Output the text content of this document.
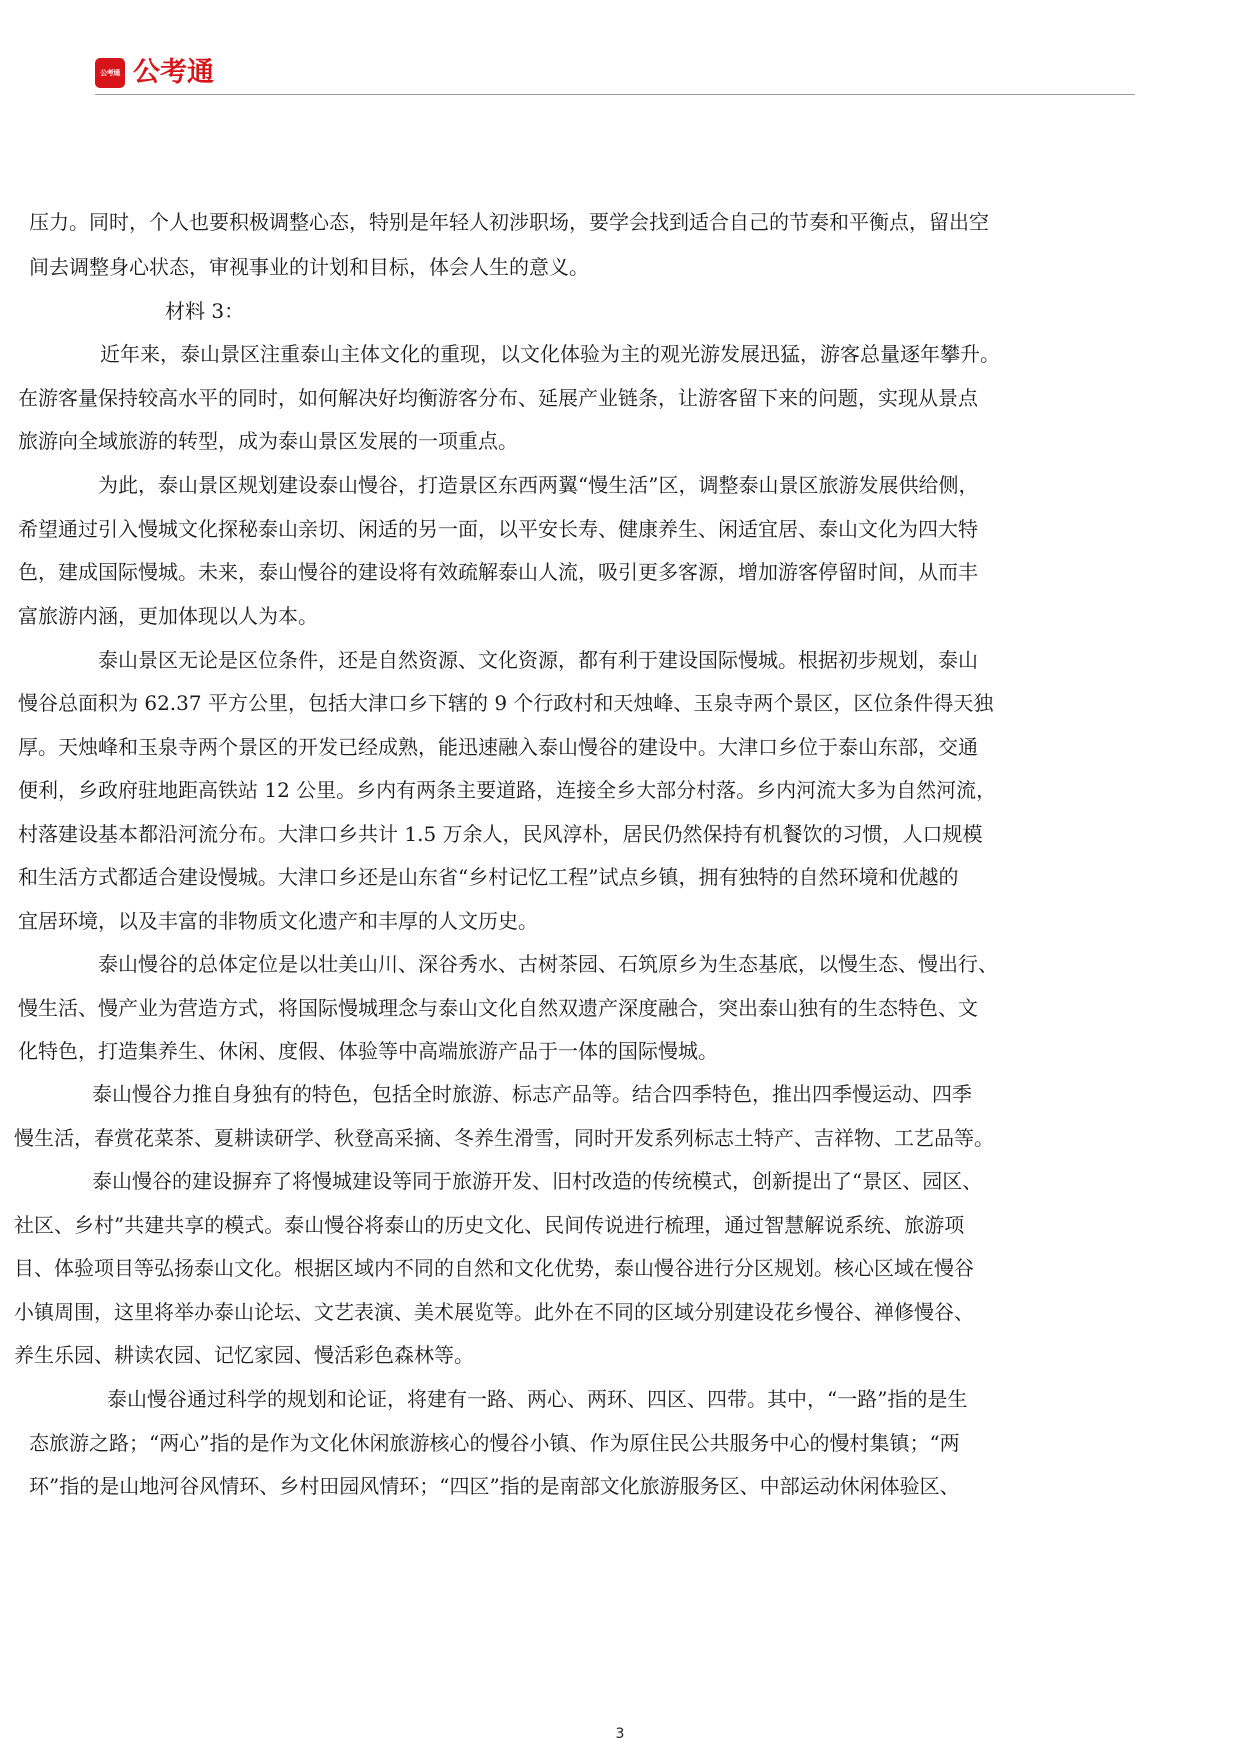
公考通 公考通
压力。同时，个人也要积极调整心态，特别是年轻人初涉职场，要学会找到适合自己的节奏和平衡点，留出空
间去调整身心状态，审视事业的计划和目标，体会人生的意义。
材料 3：
近年来，泰山景区注重泰山主体文化的重现，以文化体验为主的观光游发展迅猛，游客总量逐年攀升。
在游客量保持较高水平的同时，如何解决好均衡游客分布、延展产业链条，让游客留下来的问题，实现从景点
旅游向全域旅游的转型，成为泰山景区发展的一项重点。
为此，泰山景区规划建设泰山慢谷，打造景区东西两翼“慢生活”区，调整泰山景区旅游发展供给侧，
希望通过引入慢城文化探秘泰山亲切、闲适的另一面，以平安长寿、健康养生、闲适宜居、泰山文化为四大特
色，建成国际慢城。未来，泰山慢谷的建设将有效疏解泰山人流，吸引更多客源，增加游客停留时间，从而丰
富旅游内涵，更加体现以人为本。
泰山景区无论是区位条件，还是自然资源、文化资源，都有利于建设国际慢城。根据初步规划，泰山
慢谷总面积为 62.37 平方公里，包括大津口乡下辖的 9 个行政村和天烛峰、玉泉寺两个景区，区位条件得天独
厚。天烛峰和玉泉寺两个景区的开发已经成熟，能迅速融入泰山慢谷的建设中。大津口乡位于泰山东部，交通
便利，乡政府驻地距高铁站 12 公里。乡内有两条主要道路，连接全乡大部分村落。乡内河流大多为自然河流，
村落建设基本都沿河流分布。大津口乡共计 1.5 万余人，民风淳朴，居民仍然保持有机餐饮的习惯，人口规模
和生活方式都适合建设慢城。大津口乡还是山东省“乡村记忆工程”试点乡镇，拥有独特的自然环境和优越的
宜居环境，以及丰富的非物质文化遗产和丰厚的人文历史。
泰山慢谷的总体定位是以壮美山川、深谷秀水、古树茶园、石筑原乡为生态基底，以慢生态、慢出行、
慢生活、慢产业为营造方式，将国际慢城理念与泰山文化自然双遗产深度融合，突出泰山独有的生态特色、文
化特色，打造集养生、休闲、度假、体验等中高端旅游产品于一体的国际慢城。
泰山慢谷力推自身独有的特色，包括全时旅游、标志产品等。结合四季特色，推出四季慢运动、四季
慢生活，春赏花菜茶、夏耕读研学、秋登高采摘、冬养生滑雪，同时开发系列标志土特产、吉祥物、工艺品等。
泰山慢谷的建设摒弃了将慢城建设等同于旅游开发、旧村改造的传统模式，创新提出了“景区、园区、
社区、乡村”共建共享的模式。泰山慢谷将泰山的历史文化、民间传说进行梳理，通过智慧解说系统、旅游项
目、体验项目等弘扬泰山文化。根据区域内不同的自然和文化优势，泰山慢谷进行分区规划。核心区域在慢谷
小镇周围，这里将举办泰山论坛、文艺表演、美术展览等。此外在不同的区域分别建设花乡慢谷、禅修慢谷、
养生乐园、耕读农园、记忆家园、慢活彩色森林等。
泰山慢谷通过科学的规划和论证，将建有一路、两心、两环、四区、四带。其中，“一路”指的是生
态旅游之路；“两心”指的是作为文化休闲旅游核心的慢谷小镇、作为原住民公共服务中心的慢村集镇；“两
环”指的是山地河谷风情环、乡村田园风情环；“四区”指的是南部文化旅游服务区、中部运动休闲体验区、
3
